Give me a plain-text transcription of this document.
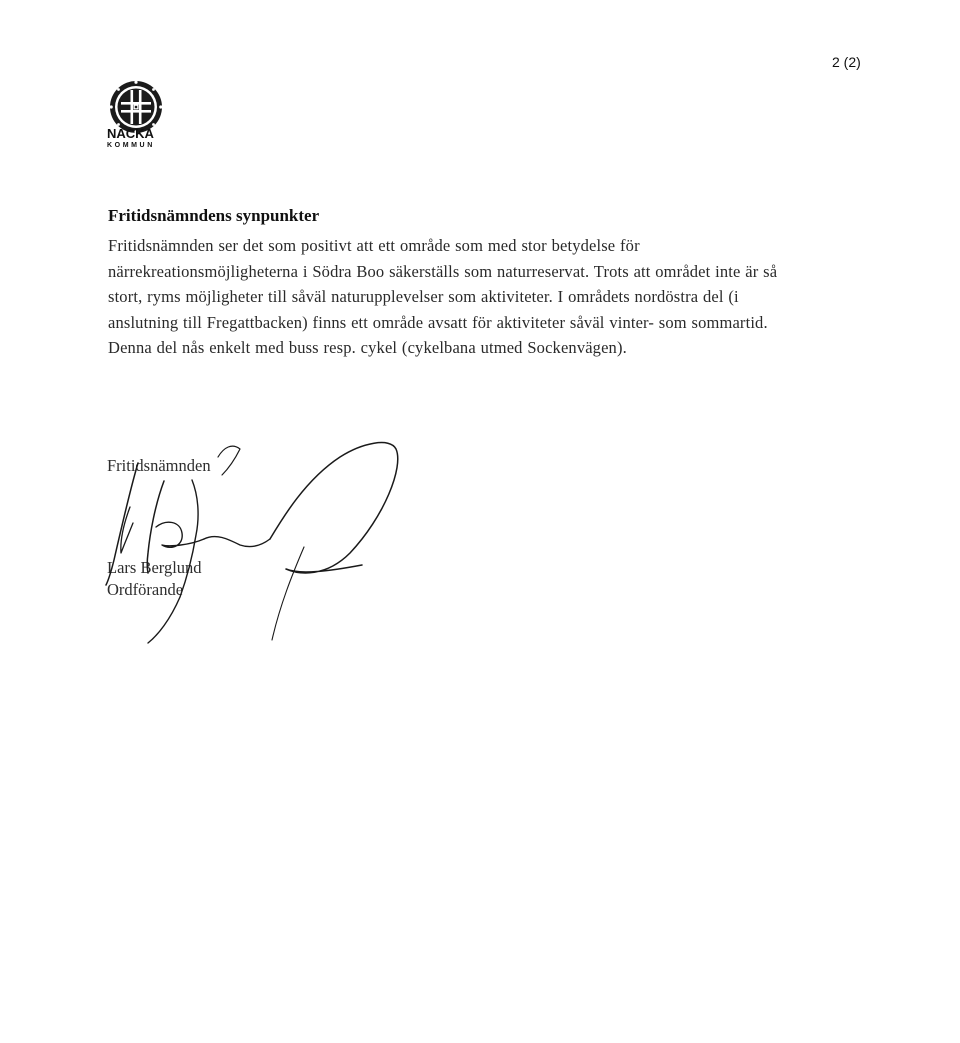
2 (2)
NACKA
KOMMUN
Fritidsnämndens synpunkter

Fritidsnämnden ser det som positivt att ett område som med stor betydelse för närrekreationsmöjligheterna i Södra Boo säkerställs som naturreservat. Trots att området inte är så stort, ryms möjligheter till såväl naturupplevelser som aktiviteter. I områdets nordöstra del (i anslutning till Fregattbacken) finns ett område avsatt för aktiviteter såväl vinter- som sommartid. Denna del nås enkelt med buss resp. cykel (cykelbana utmed Sockenvägen).

Fritidsnämnden
Lars Berglund
Ordförande
